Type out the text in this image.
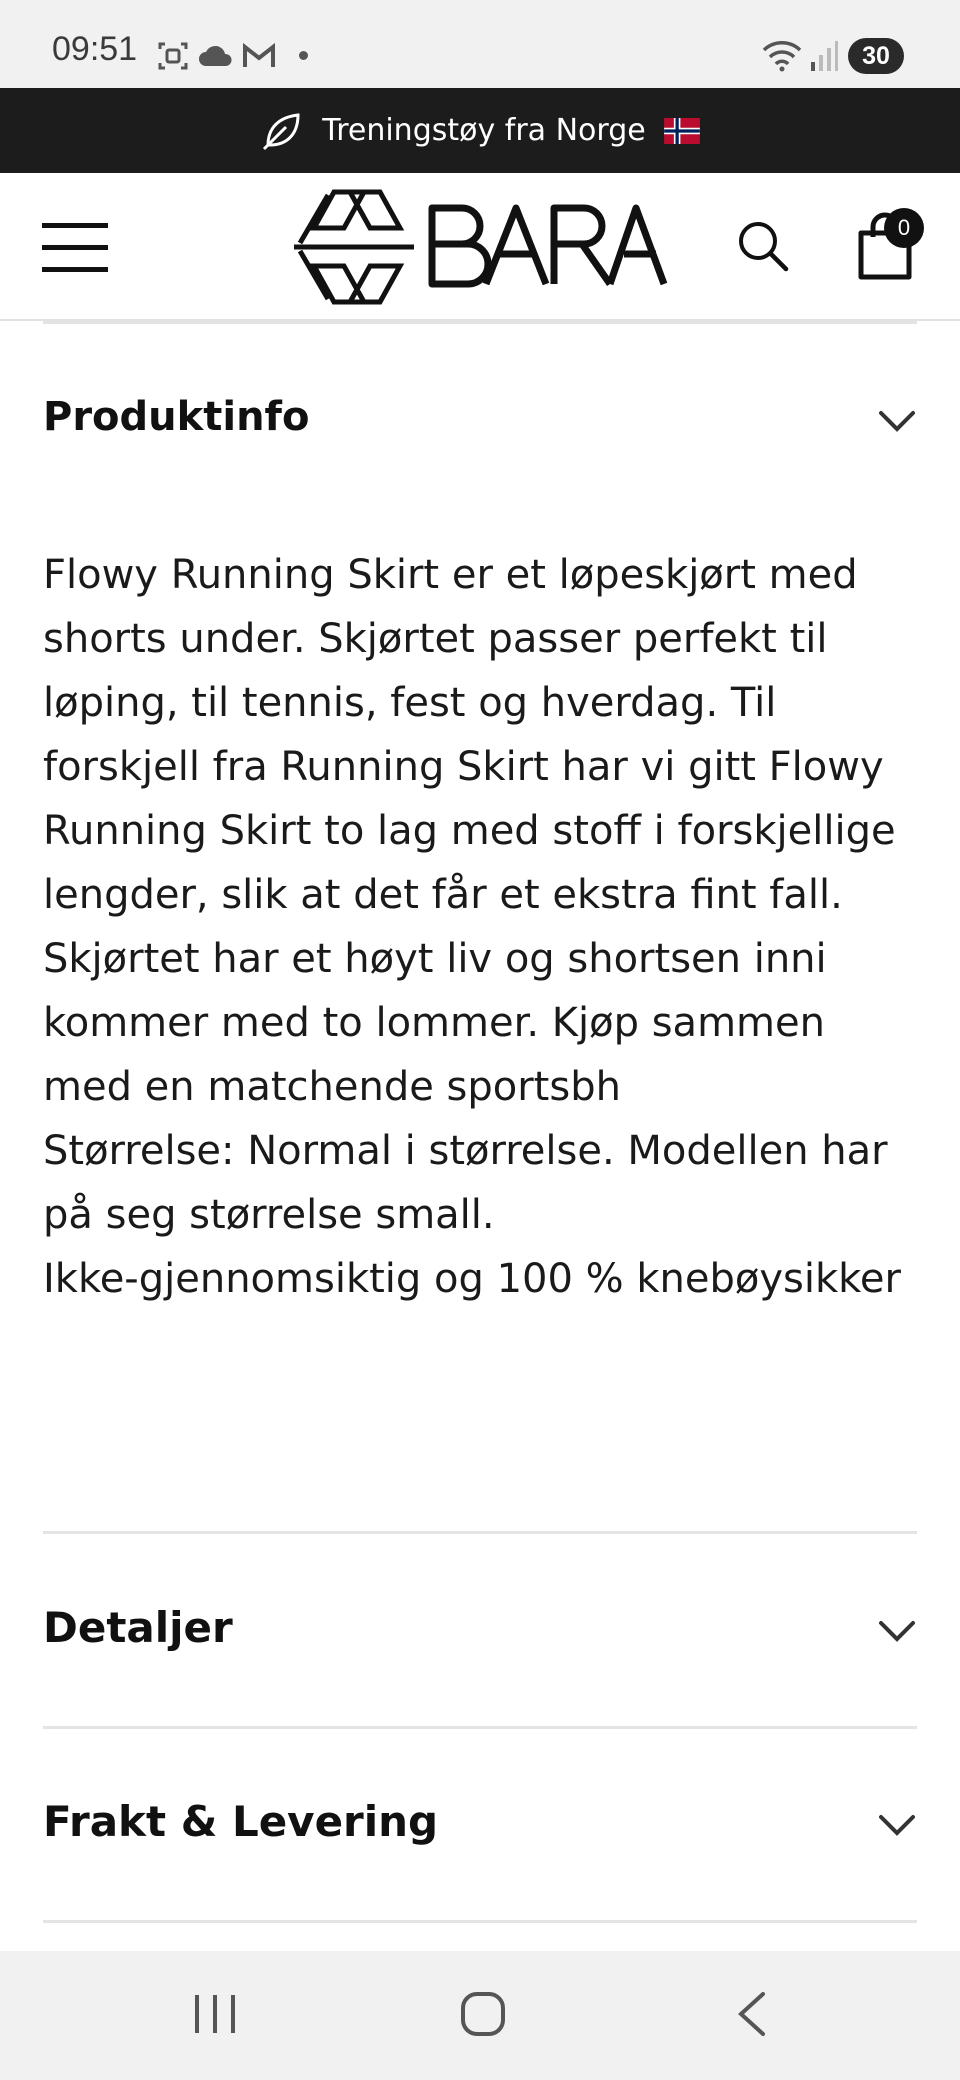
09:51	30
Treningstøy fra Norge
0
Produktinfo
Flowy Running Skirt er et løpeskjørt med shorts under. Skjørtet passer perfekt til løping, til tennis, fest og hverdag. Til forskjell fra Running Skirt har vi gitt Flowy Running Skirt to lag med stoff i forskjellige lengder, slik at det får et ekstra fint fall. Skjørtet har et høyt liv og shortsen inni kommer med to lommer. Kjøp sammen med en matchende sportsbh
Størrelse: Normal i størrelse. Modellen har på seg størrelse small.
Ikke-gjennomsiktig og 100 % knebøysikker
Detaljer
Frakt & Levering
